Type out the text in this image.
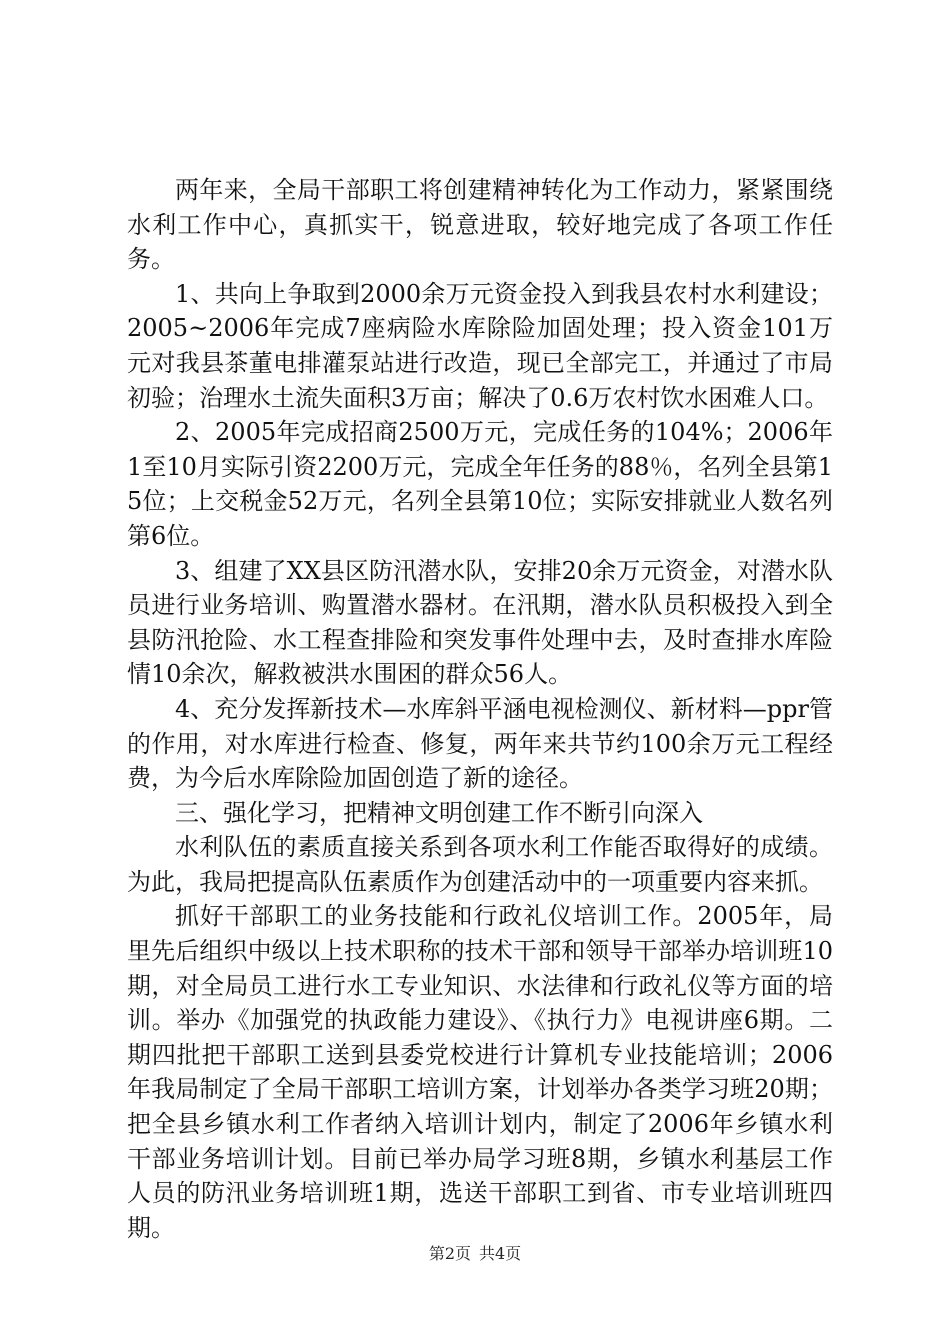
两年来，全局干部职工将创建精神转化为工作动力，紧紧围绕水利工作中心，真抓实干，锐意进取，较好地完成了各项工作任务。

1、共向上争取到2000余万元资金投入到我县农村水利建设；2005~2006年完成7座病险水库除险加固处理；投入资金101万元对我县茶董电排灌泵站进行改造，现已全部完工，并通过了市局初验；治理水土流失面积3万亩；解决了0.6万农村饮水困难人口。

2、2005年完成招商2500万元，完成任务的104%；2006年1至10月实际引资2200万元，完成全年任务的88％，名列全县第15位；上交税金52万元，名列全县第10位；实际安排就业人数名列第6位。

3、组建了XX县区防汛潜水队，安排20余万元资金，对潜水队员进行业务培训、购置潜水器材。在汛期，潜水队员积极投入到全县防汛抢险、水工程查排险和突发事件处理中去，及时查排水库险情10余次，解救被洪水围困的群众56人。

4、充分发挥新技术—水库斜平涵电视检测仪、新材料—ppr管的作用，对水库进行检查、修复，两年来共节约100余万元工程经费，为今后水库除险加固创造了新的途径。

三、强化学习，把精神文明创建工作不断引向深入

水利队伍的素质直接关系到各项水利工作能否取得好的成绩。为此，我局把提高队伍素质作为创建活动中的一项重要内容来抓。

抓好干部职工的业务技能和行政礼仪培训工作。2005年，局里先后组织中级以上技术职称的技术干部和领导干部举办培训班10期，对全局员工进行水工专业知识、水法律和行政礼仪等方面的培训。举办《加强党的执政能力建设》、《执行力》电视讲座6期。二期四批把干部职工送到县委党校进行计算机专业技能培训；2006年我局制定了全局干部职工培训方案，计划举办各类学习班20期；把全县乡镇水利工作者纳入培训计划内，制定了2006年乡镇水利干部业务培训计划。目前已举办局学习班8期，乡镇水利基层工作人员的防汛业务培训班1期，选送干部职工到省、市专业培训班四期。

第2页 共4页
